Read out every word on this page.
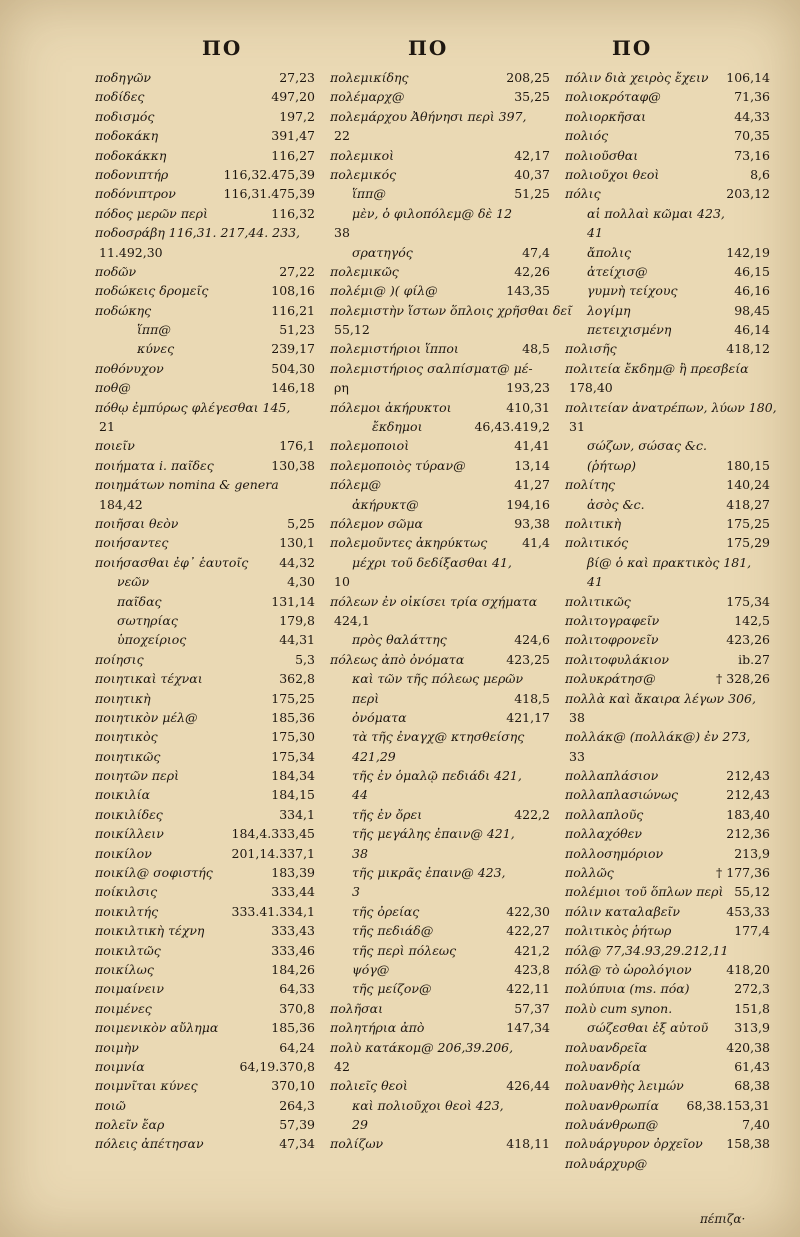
ΠΟ	ΠΟ	ΠΟ
ποδηγῶν	27,23
ποδίδες	497,20
ποδισμός	197,2
ποδοκάκη	391,47
ποδοκάκκη	116,27
ποδονιπτήρ	116,32.475,39
ποδόνιπτρον	116,31.475,39
πόδος μερῶν περὶ	116,32
ποδοσράβη 116,31. 217,44. 233,
11.492,30
ποδῶν	27,22
ποδώκεις δρομεῖς	108,16
ποδώκης	116,21
ἵππ@	51,23
κύνες	239,17
ποθόνυχον	504,30
ποθ@	146,18
πόθῳ ἐμπύρως φλέγεσθαι 145,
21
ποιεῖν	176,1
ποιήματα i. παῖδες	130,38
ποιημάτων nomina & genera
184,42
ποιῆσαι θεὸν	5,25
ποιήσαντες	130,1
ποιήσασθαι ἐφ᾽ ἑαυτοῖς 44,32
νεῶν	4,30
παῖδας	131,14
σωτηρίας	179,8
ὑποχείριος	44,31
ποίησις	5,3
ποιητικαὶ τέχναι	362,8
ποιητικὴ	175,25
ποιητικὸν μέλ@	185,36
ποιητικὸς	175,30
ποιητικῶς	175,34
ποιητῶν περὶ	184,34
ποικιλία	184,15
ποικιλίδες	334,1
ποικίλλειν	184,4.333,45
ποικίλον	201,14.337,1
ποικίλ@ σοφιστής	183,39
ποίκιλσις	333,44
ποικιλτής	333.41.334,1
ποικιλτικὴ τέχνη	333,43
ποικιλτῶς	333,46
ποικίλως	184,26
ποιμαίνειν	64,33
ποιμένες	370,8
ποιμενικὸν αὔλημα	185,36
ποιμὴν	64,24
ποιμνία	64,19.370,8
ποιμνῖται κύνες	370,10
ποιῶ	264,3
πολεῖν ἔαρ	57,39
πόλεις ἀπέτησαν	47,34
πολεμικίδης	208,25
πολέμαρχ@	35,25
πολεμάρχου Ἀθήνησι περὶ 397,
22
πολεμικοὶ	42,17
πολεμικός	40,37
ἵππ@	51,25
μὲν, ὁ φιλοπόλεμ@ δὲ 12
38
σρατηγός	47,4
πολεμικῶς	42,26
πολέμι@ )( φίλ@	143,35
πολεμιστὴν ἵστων ὅπλοις χρῆσθαι δεῖ
55,12
πολεμιστήριοι ἵπποι	48,5
πολεμιστήριος σαλπίσματ@ μέ-
ρη	193,23
πόλεμοι ἀκήρυκτοι	410,31
ἔκδημοι	46,43.419,2
πολεμοποιοὶ	41,41
πολεμοποιὸς τύραν@	13,14
πόλεμ@	41,27
ἀκήρυκτ@	194,16
πόλεμον σῶμα	93,38
πολεμοῦντες ἀκηρύκτως	41,4
μέχρι τοῦ δεδίξασθαι 41,
10
πόλεων ἐν οἰκίσει τρία σχήματα
424,1
πρὸς θαλάττης	424,6
πόλεως ἀπὸ ὀνόματα	423,25
καὶ τῶν τῆς πόλεως μερῶν
περὶ	418,5
ὀνόματα	421,17
τὰ τῆς ἐναγχ@ κτησθείσης
421,29
τῆς ἐν ὁμαλῷ πεδιάδι 421,
44
τῆς ἐν ὄρει	422,2
τῆς μεγάλης ἐπαιν@ 421,
38
τῆς μικρᾶς ἐπαιν@ 423,
3
τῆς ὀρείας	422,30
τῆς πεδιάδ@	422,27
τῆς περὶ πόλεως	421,2
ψόγ@	423,8
τῆς μείζον@	422,11
πολῆσαι	57,37
πολητήρια ἀπὸ	147,34
πολὺ κατάκομ@ 206,39.206,
42
πολιεῖς θεοὶ	426,44
καὶ πολιοῦχοι θεοὶ 423,
29
πολίζων	418,11
πόλιν διὰ χειρὸς ἔχειν 106,14
πολιοκρόταφ@	71,36
πολιορκῆσαι	44,33
πολιός	70,35
πολιοῦσθαι	73,16
πολιοῦχοι θεοὶ	8,6
πόλις	203,12
αἱ πολλαὶ κῶμαι 423,
41
ἄπολις	142,19
ἀτείχισ@	46,15
γυμνὴ τείχους	46,16
λογίμη	98,45
πετειχισμένη	46,14
πολισῆς	418,12
πολιτεία ἔκδημ@ ἢ πρεσβεία
178,40
πολιτείαν ἀνατρέπων, λύων 180,
31
σώζων, σώσας &c.
(ῥήτωρ)	180,15
πολίτης	140,24
ἀσὸς &c.	418,27
πολιτικὴ	175,25
πολιτικός	175,29
βί@ ὁ καὶ πρακτικὸς 181,
41
πολιτικῶς	175,34
πολιτογραφεῖν	142,5
πολιτοφρονεῖν	423,26
πολιτοφυλάκιον	ib.27
πολυκράτησ@	† 328,26
πολλὰ καὶ ἄκαιρα λέγων 306,
38
πολλάκ@ (πολλάκ@) ἐν 273,
33
πολλαπλάσιον	212,43
πολλαπλασιώνως	212,43
πολλαπλοῦς	183,40
πολλαχόθεν	212,36
πολλοσημόριον	213,9
πολλῶς	† 177,36
πολέμιοι τοῦ ὅπλων περὶ 55,12
πόλιν καταλαβεῖν	453,33
πολιτικὸς ῥήτωρ	177,4
πόλ@ 77,34.93,29.212,11
πόλ@ τὸ ὡρολόγιον	418,20
πολύπυια (ms. πόα)	272,3
πολὺ cum synon.	151,8
σώζεσθαι ἐξ αὐτοῦ 313,9
πολυανδρεῖα	420,38
πολυανδρία	61,43
πολυανθὴς λειμών	68,38
πολυανθρωπία 68,38.153,31
πολυάνθρωπ@	7,40
πολυάργυρον ὀρχεῖον 158,38
πολυάρχυρ@
πέπιζα·
